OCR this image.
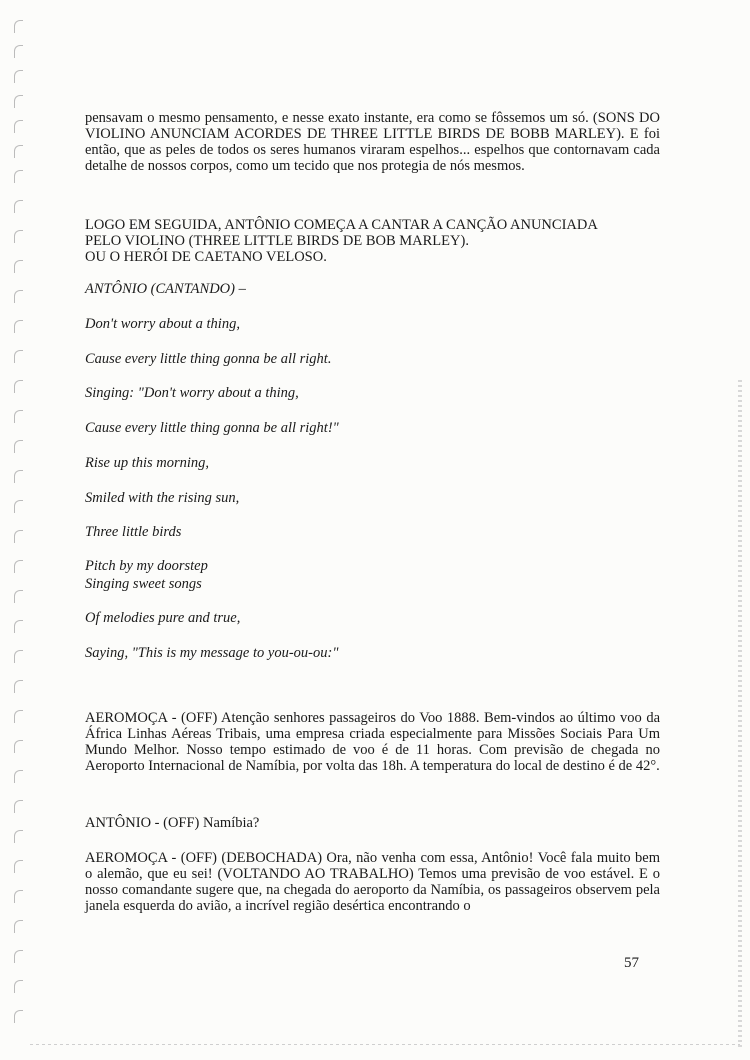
pensavam o mesmo pensamento, e nesse exato instante, era como se fôssemos um só. (SONS DO VIOLINO ANUNCIAM ACORDES DE THREE LITTLE BIRDS DE BOBB MARLEY). E foi então, que as peles de todos os seres humanos viraram espelhos... espelhos que contornavam cada detalhe de nossos corpos, como um tecido que nos protegia de nós mesmos.
LOGO EM SEGUIDA, ANTÔNIO COMEÇA A CANTAR A CANÇÃO ANUNCIADA
PELO VIOLINO (THREE LITTLE BIRDS DE BOB MARLEY).
OU O HERÓI DE CAETANO VELOSO.
ANTÔNIO (CANTANDO) –
Don't worry about a thing,
Cause every little thing gonna be all right.
Singing: "Don't worry about a thing,
Cause every little thing gonna be all right!"
Rise up this morning,
Smiled with the rising sun,
Three little birds
Pitch by my doorstep
Singing sweet songs
Of melodies pure and true,
Saying, "This is my message to you-ou-ou:"
AEROMOÇA - (OFF) Atenção senhores passageiros do Voo 1888. Bem-vindos ao último voo da África Linhas Aéreas Tribais, uma empresa criada especialmente para Missões Sociais Para Um Mundo Melhor. Nosso tempo estimado de voo é de 11 horas. Com previsão de chegada no Aeroporto Internacional de Namíbia, por volta das 18h. A temperatura do local de destino é de 42°.
ANTÔNIO - (OFF) Namíbia?
AEROMOÇA - (OFF) (DEBOCHADA) Ora, não venha com essa, Antônio! Você fala muito bem o alemão, que eu sei! (VOLTANDO AO TRABALHO) Temos uma previsão de voo estável. E o nosso comandante sugere que, na chegada do aeroporto da Namíbia, os passageiros observem pela janela esquerda do avião, a incrível região desértica encontrando o
57
